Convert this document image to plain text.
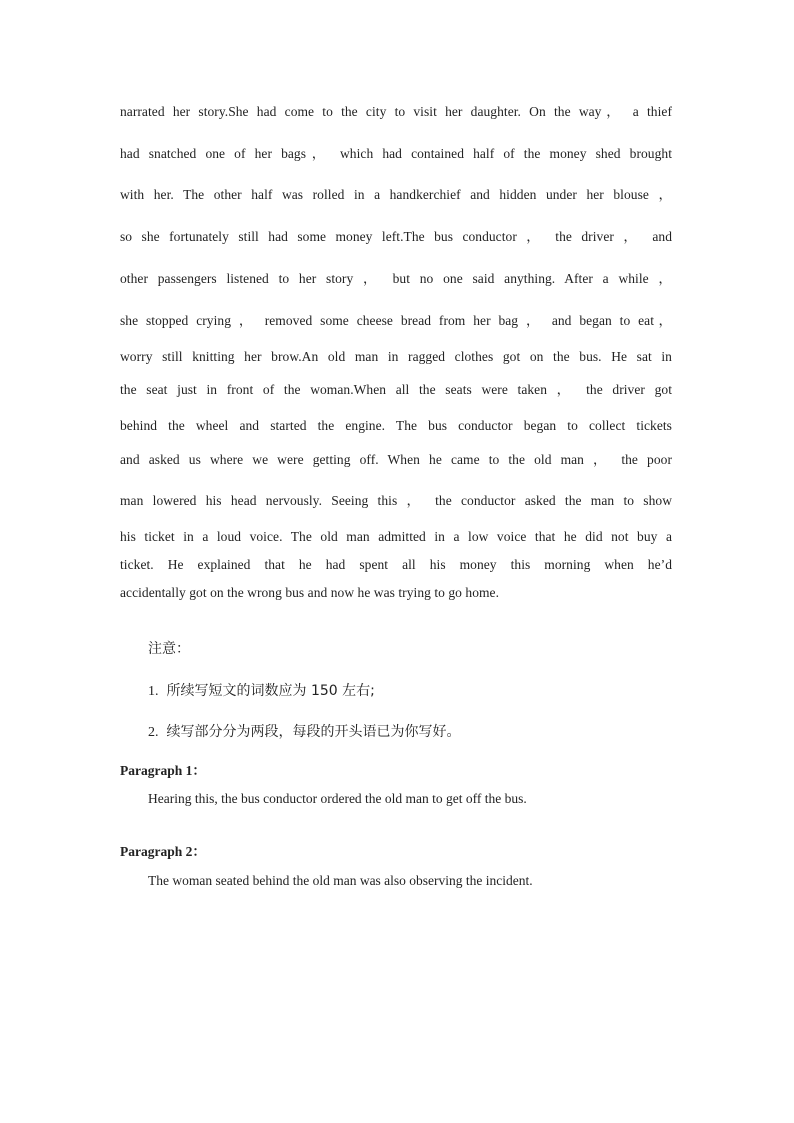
narrated her story.She had come to the city to visit her daughter. On the way， a thief
had snatched one of her bags， which had contained half of the money shed brought
with her. The other half was rolled in a handkerchief and hidden under her blouse ，
so she fortunately still had some money left.The bus conductor ， the driver ， and
other passengers listened to her story ， but no one said anything. After a while ，
she stopped crying ， removed some cheese bread from her bag ， and began to eat，
worry still knitting her brow.An old man in ragged clothes got on the bus. He sat in
the seat just in front of the woman.When all the seats were taken ， the driver got
behind the wheel and started the engine. The bus conductor began to collect tickets
and asked us where we were getting off. When he came to the old man ， the poor
man lowered his head nervously. Seeing this ， the conductor asked the man to show
his ticket in a loud voice. The old man admitted in a low voice that he did not buy a
ticket. He explained that he had spent all his money this morning when he’d
accidentally got on the wrong bus and now he was trying to go home.
注意：
1. 所续写短文的词数应为 150 左右;
2. 续写部分分为两段，每段的开头语已为你写好。
Paragraph 1：
Hearing this, the bus conductor ordered the old man to get off the bus.
Paragraph 2：
The woman seated behind the old man was also observing the incident.
